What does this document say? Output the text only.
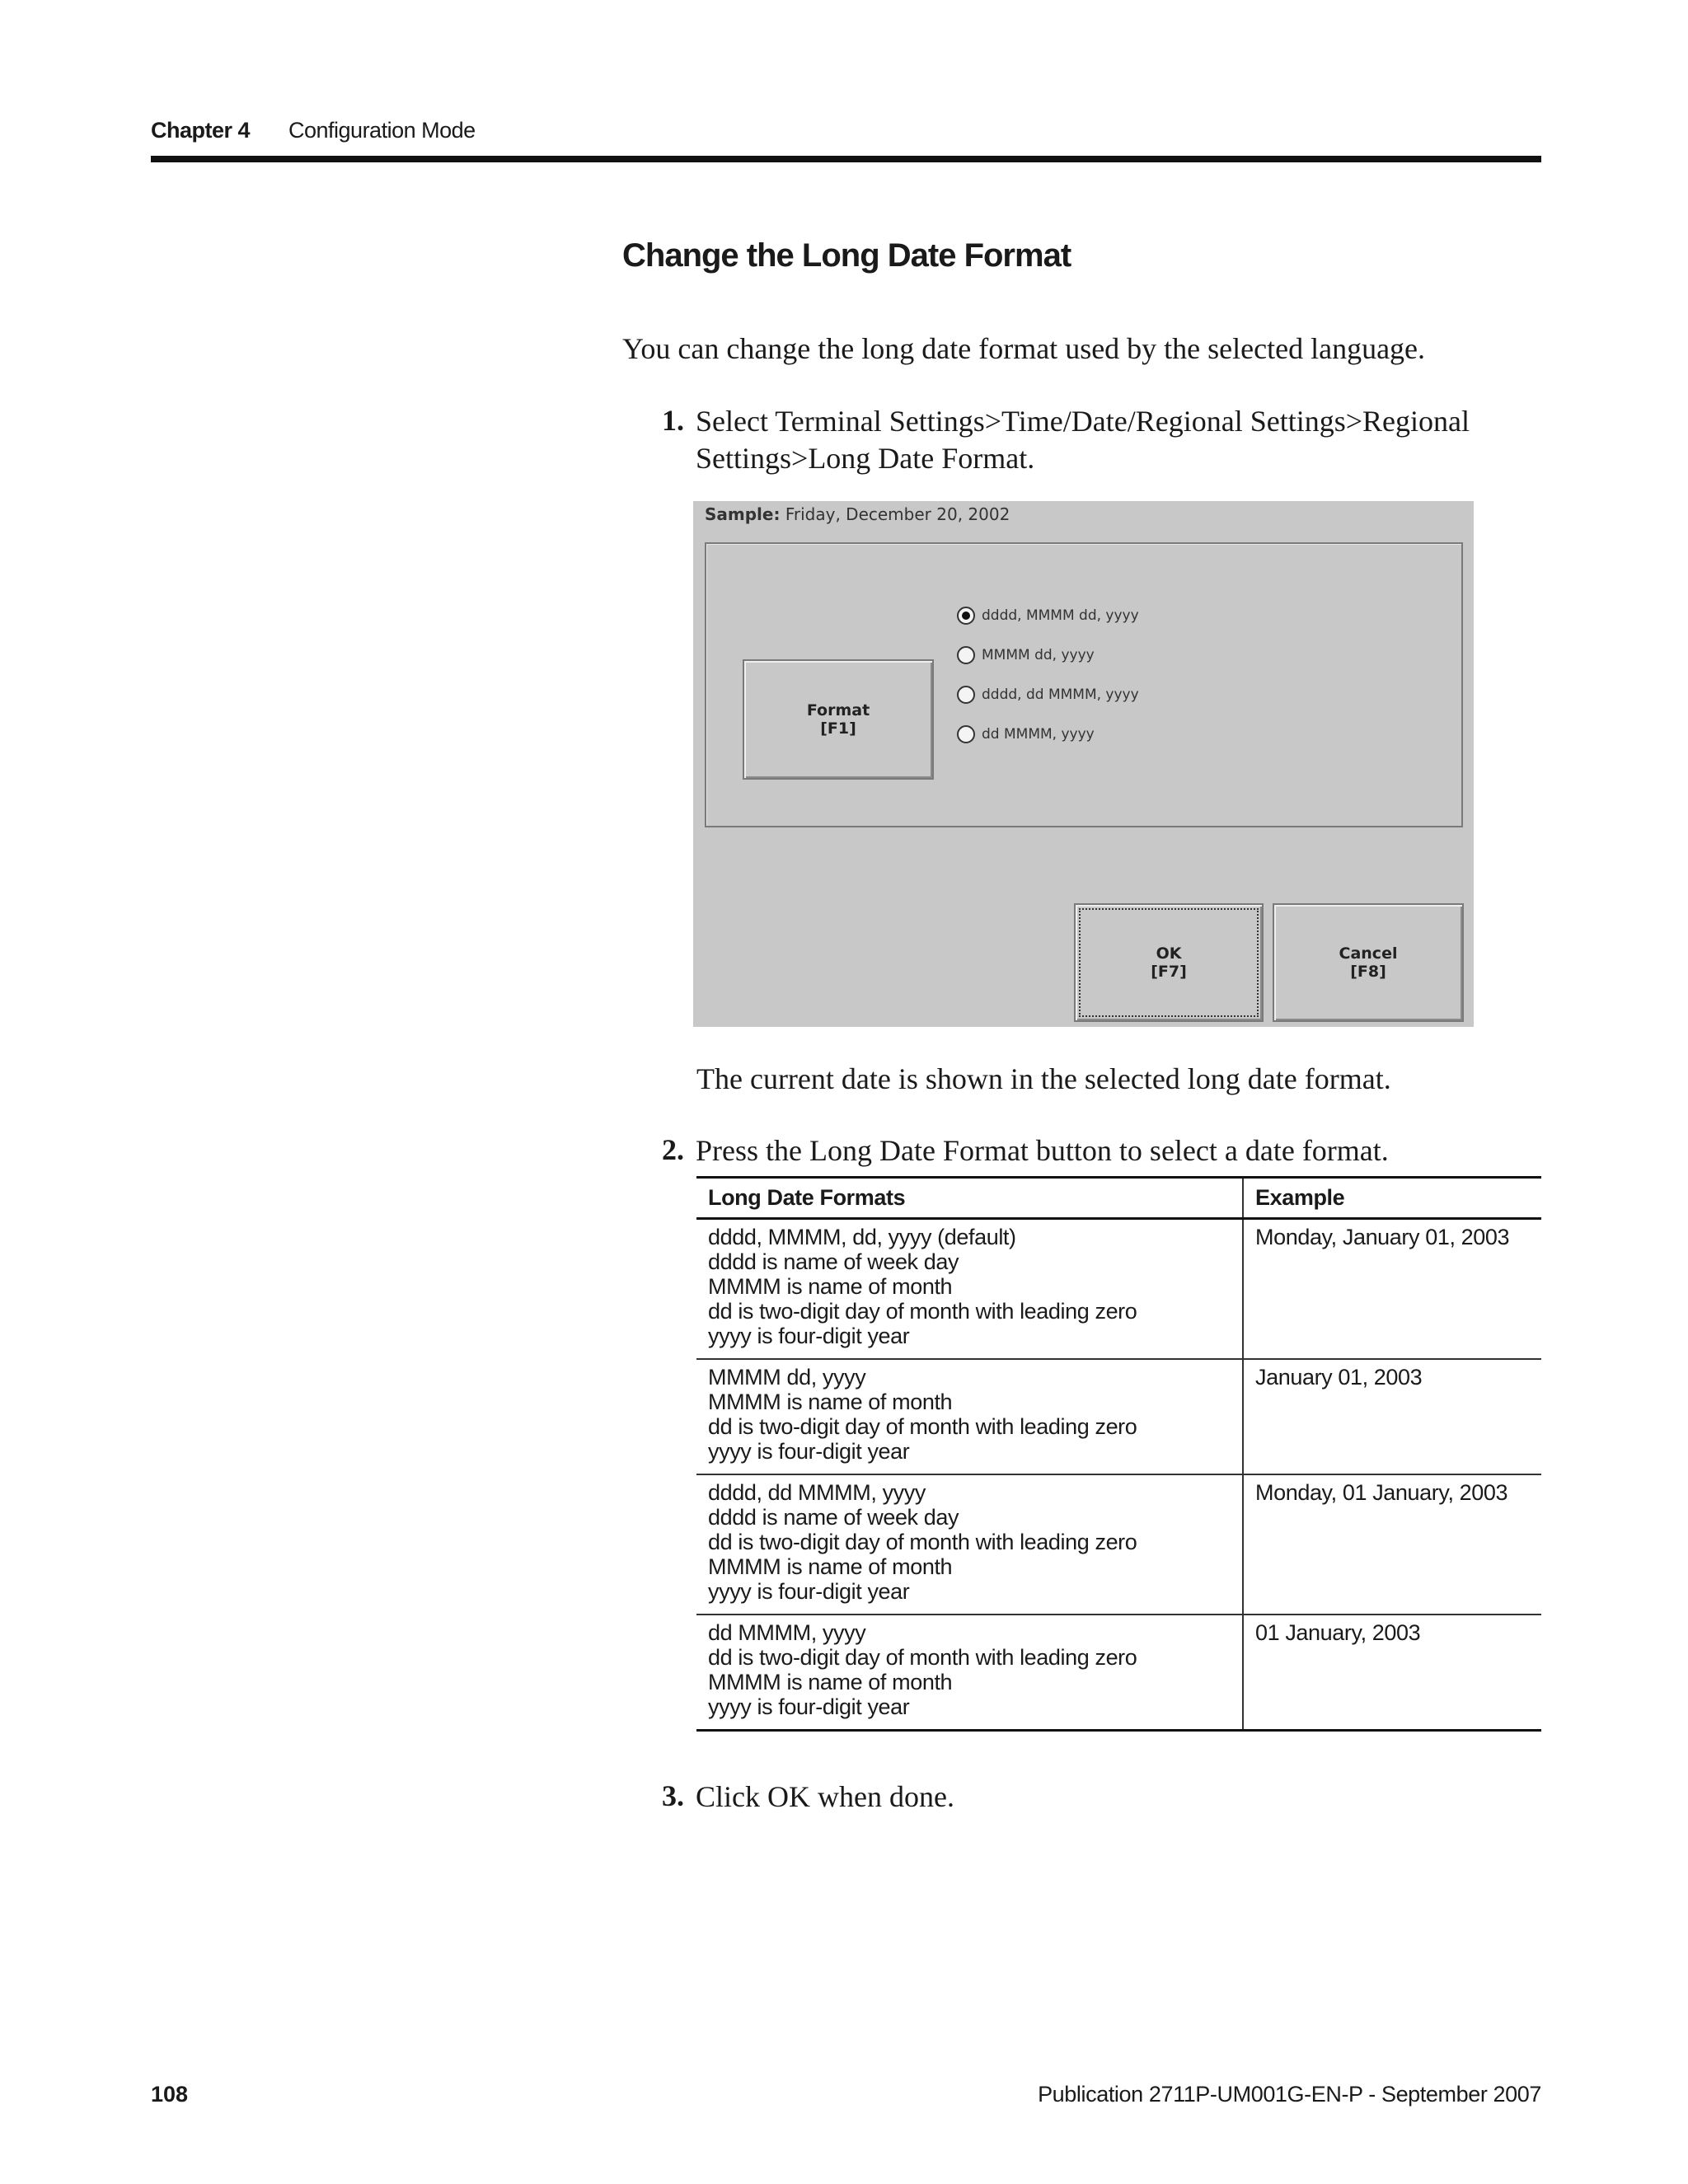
Chapter 4 Configuration Mode
Change the Long Date Format
You can change the long date format used by the selected language.
1. Select Terminal Settings>Time/Date/Regional Settings>Regional
Settings>Long Date Format.
Sample: Friday, December 20, 2002
Format
[F1]
dddd, MMMM dd, yyyy
MMMM dd, yyyy
dddd, dd MMMM, yyyy
dd MMMM, yyyy
OK
[F7]
Cancel
[F8]
The current date is shown in the selected long date format.
2. Press the Long Date Format button to select a date format.
Long Date Formats	Example

dddd, MMMM, dd, yyyy (default)
dddd is name of week day
MMMM is name of month
dd is two-digit day of month with leading zero
yyyy is four-digit year	Monday, January 01, 2003

MMMM dd, yyyy
MMMM is name of month
dd is two-digit day of month with leading zero
yyyy is four-digit year	January 01, 2003

dddd, dd MMMM, yyyy
dddd is name of week day
dd is two-digit day of month with leading zero
MMMM is name of month
yyyy is four-digit year	Monday, 01 January, 2003

dd MMMM, yyyy
dd is two-digit day of month with leading zero
MMMM is name of month
yyyy is four-digit year	01 January, 2003
3. Click OK when done.
108	Publication 2711P-UM001G-EN-P - September 2007
